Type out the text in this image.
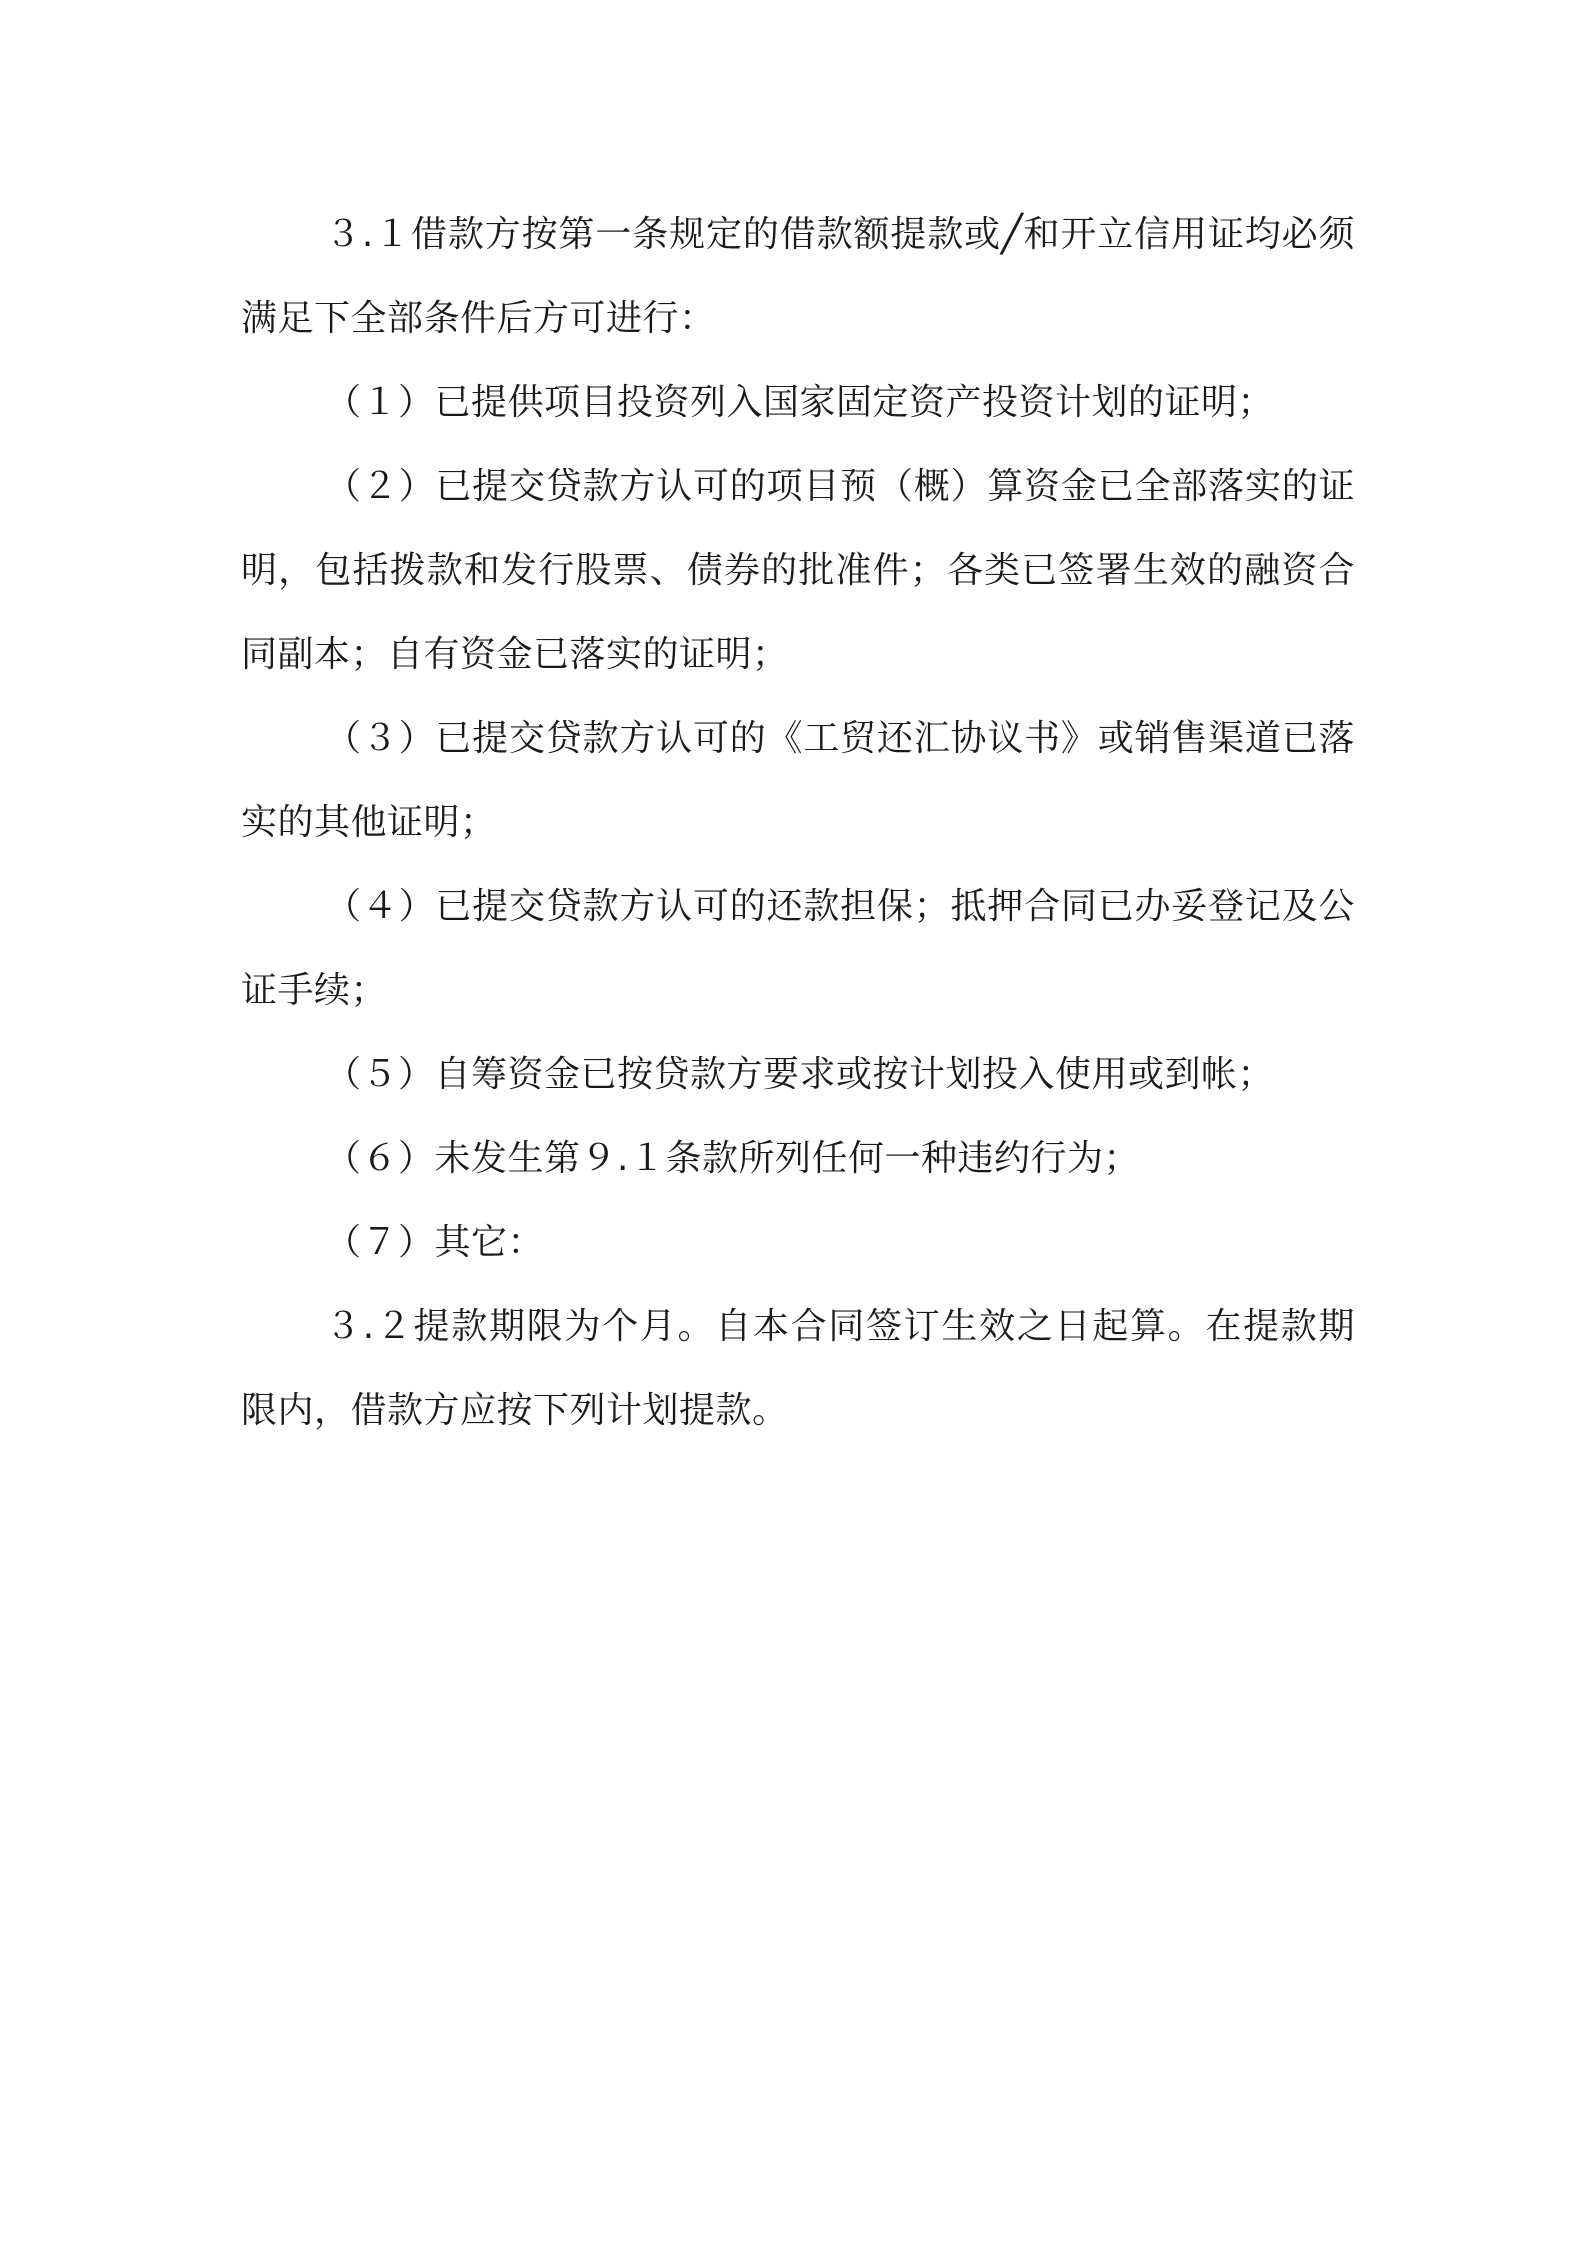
３.１借款方按第一条规定的借款额提款或╱和开立信用证均必须满足下全部条件后方可进行：

（１）已提供项目投资列入国家固定资产投资计划的证明；

（２）已提交贷款方认可的项目预（概）算资金已全部落实的证明，包括拨款和发行股票、债券的批准件；各类已签署生效的融资合同副本；自有资金已落实的证明；

（３）已提交贷款方认可的《工贸还汇协议书》或销售渠道已落实的其他证明；

（４）已提交贷款方认可的还款担保；抵押合同已办妥登记及公证手续；

（５）自筹资金已按贷款方要求或按计划投入使用或到帐；

（６）未发生第９.１条款所列任何一种违约行为；

（７）其它：

３.２提款期限为个月。自本合同签订生效之日起算。在提款期限内，借款方应按下列计划提款。
